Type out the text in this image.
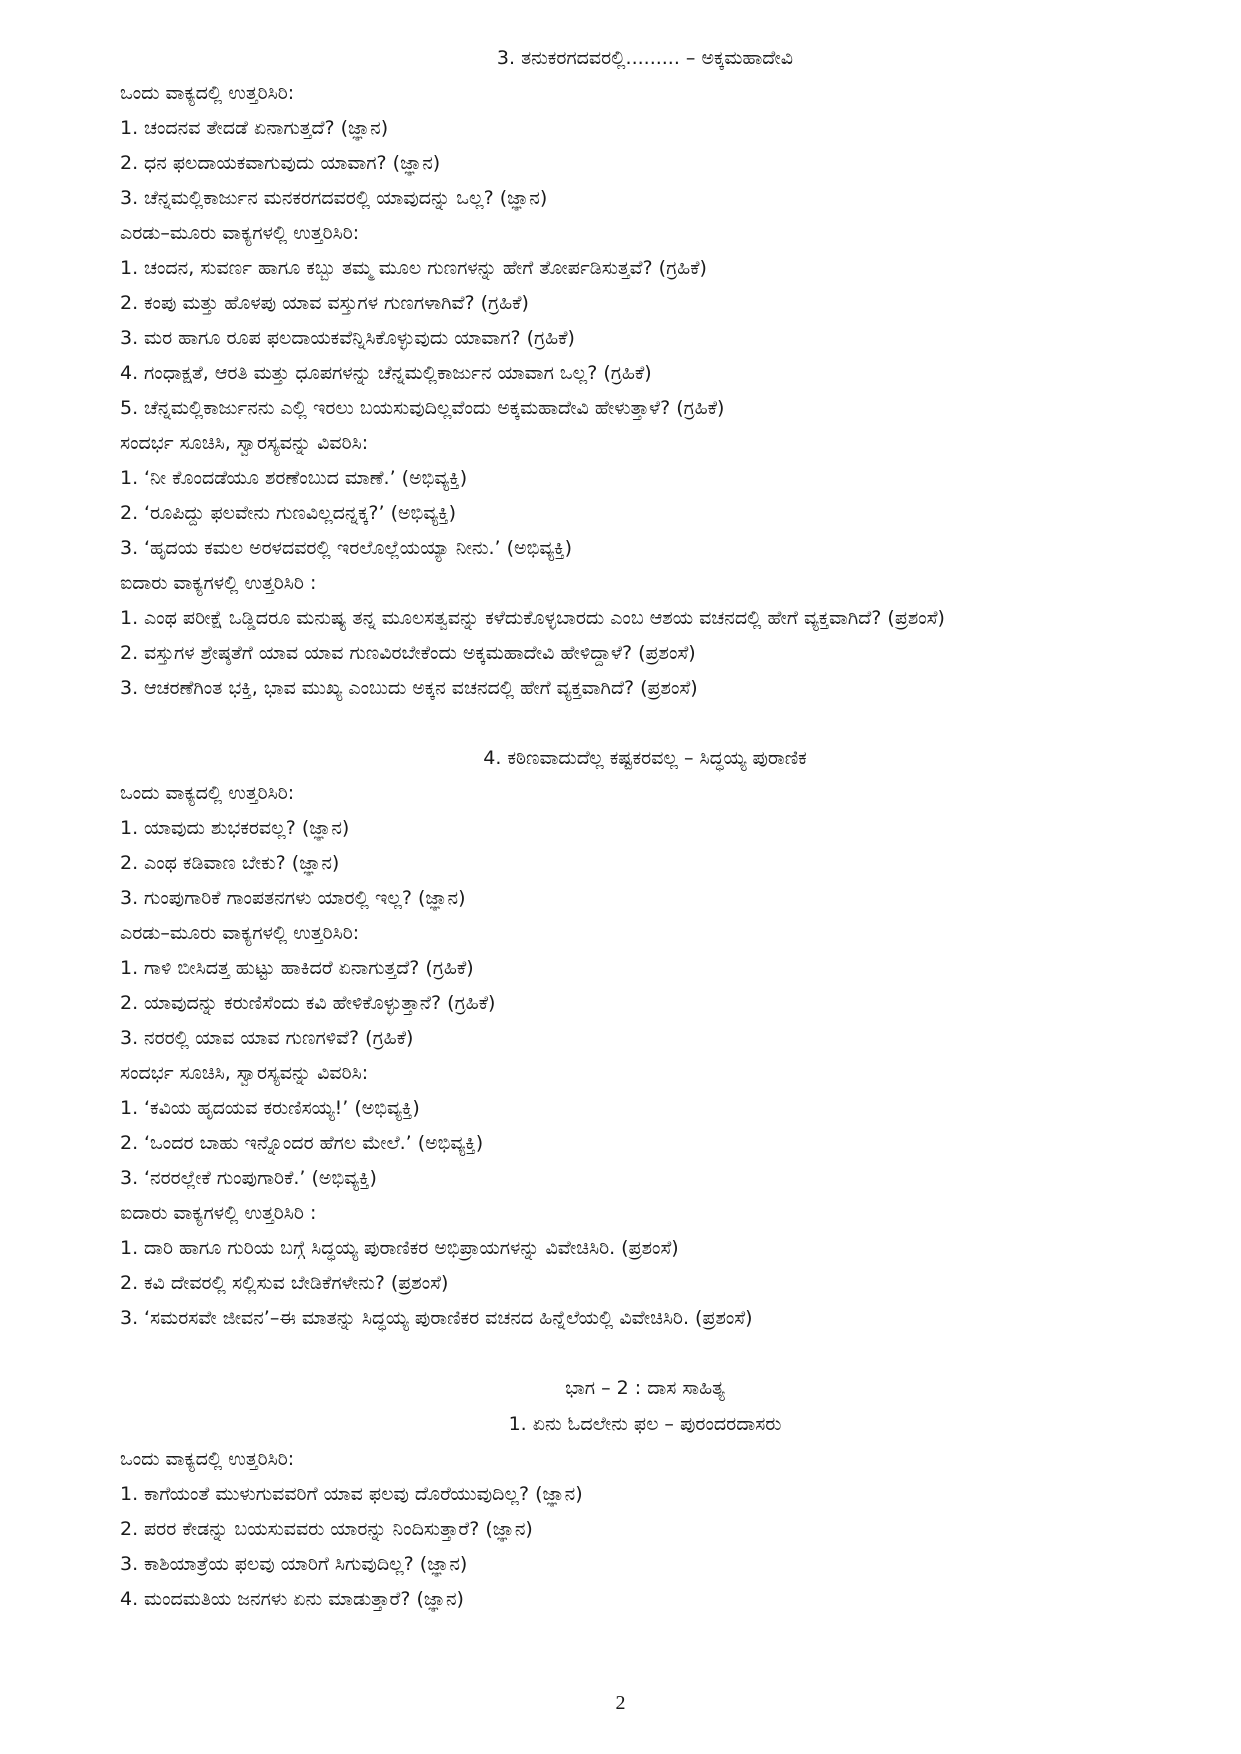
3. ತನುಕರಗದವರಲ್ಲಿ......... – ಅಕ್ಕಮಹಾದೇವಿ
ಒಂದು ವಾಕ್ಯದಲ್ಲಿ ಉತ್ತರಿಸಿರಿ:
1. ಚಂದನವ ತೇದಡೆ ಏನಾಗುತ್ತದೆ? (ಜ್ಞಾನ)
2. ಧನ ಫಲದಾಯಕವಾಗುವುದು ಯಾವಾಗ? (ಜ್ಞಾನ)
3. ಚೆನ್ನಮಲ್ಲಿಕಾರ್ಜುನ ಮನಕರಗದವರಲ್ಲಿ ಯಾವುದನ್ನು ಒಲ್ಲ? (ಜ್ಞಾನ)
ಎರಡು–ಮೂರು ವಾಕ್ಯಗಳಲ್ಲಿ ಉತ್ತರಿಸಿರಿ:
1. ಚಂದನ, ಸುವರ್ಣ ಹಾಗೂ ಕಬ್ಬು ತಮ್ಮ ಮೂಲ ಗುಣಗಳನ್ನು ಹೇಗೆ ತೋರ್ಪಡಿಸುತ್ತವೆ? (ಗ್ರಹಿಕೆ)
2. ಕಂಪು ಮತ್ತು ಹೊಳಪು ಯಾವ ವಸ್ತುಗಳ ಗುಣಗಳಾಗಿವೆ? (ಗ್ರಹಿಕೆ)
3. ಮರ ಹಾಗೂ ರೂಪ ಫಲದಾಯಕವೆನ್ನಿಸಿಕೊಳ್ಳುವುದು ಯಾವಾಗ? (ಗ್ರಹಿಕೆ)
4. ಗಂಧಾಕ್ಷತೆ, ಆರತಿ ಮತ್ತು ಧೂಪಗಳನ್ನು ಚೆನ್ನಮಲ್ಲಿಕಾರ್ಜುನ ಯಾವಾಗ ಒಲ್ಲ? (ಗ್ರಹಿಕೆ)
5. ಚೆನ್ನಮಲ್ಲಿಕಾರ್ಜುನನು ಎಲ್ಲಿ ಇರಲು ಬಯಸುವುದಿಲ್ಲವೆಂದು ಅಕ್ಕಮಹಾದೇವಿ ಹೇಳುತ್ತಾಳೆ? (ಗ್ರಹಿಕೆ)
ಸಂದರ್ಭ ಸೂಚಿಸಿ, ಸ್ವಾರಸ್ಯವನ್ನು ವಿವರಿಸಿ:
1. ‘ನೀ ಕೊಂದಡೆಯೂ ಶರಣೆಂಬುದ ಮಾಣೆ.’ (ಅಭಿವ್ಯಕ್ತಿ)
2. ‘ರೂಪಿದ್ದು ಫಲವೇನು ಗುಣವಿಲ್ಲದನ್ನಕ್ಕ?’ (ಅಭಿವ್ಯಕ್ತಿ)
3. ‘ಹೃದಯ ಕಮಲ ಅರಳದವರಲ್ಲಿ ಇರಲೊಲ್ಲೆಯಯ್ಯಾ ನೀನು.’ (ಅಭಿವ್ಯಕ್ತಿ)
ಐದಾರು ವಾಕ್ಯಗಳಲ್ಲಿ ಉತ್ತರಿಸಿರಿ :
1. ಎಂಥ ಪರೀಕ್ಷೆ ಒಡ್ಡಿದರೂ ಮನುಷ್ಯ ತನ್ನ ಮೂಲಸತ್ವವನ್ನು ಕಳೆದುಕೊಳ್ಳಬಾರದು ಎಂಬ ಆಶಯ ವಚನದಲ್ಲಿ ಹೇಗೆ ವ್ಯಕ್ತವಾಗಿದೆ? (ಪ್ರಶಂಸೆ)
2. ವಸ್ತುಗಳ ಶ್ರೇಷ್ಠತೆಗೆ ಯಾವ ಯಾವ ಗುಣವಿರಬೇಕೆಂದು ಅಕ್ಕಮಹಾದೇವಿ ಹೇಳಿದ್ದಾಳೆ? (ಪ್ರಶಂಸೆ)
3. ಆಚರಣೆಗಿಂತ ಭಕ್ತಿ, ಭಾವ ಮುಖ್ಯ ಎಂಬುದು ಅಕ್ಕನ ವಚನದಲ್ಲಿ ಹೇಗೆ ವ್ಯಕ್ತವಾಗಿದೆ? (ಪ್ರಶಂಸೆ)
4. ಕಠಿಣವಾದುದೆಲ್ಲ ಕಷ್ಟಕರವಲ್ಲ – ಸಿದ್ಧಯ್ಯ ಪುರಾಣಿಕ
ಒಂದು ವಾಕ್ಯದಲ್ಲಿ ಉತ್ತರಿಸಿರಿ:
1. ಯಾವುದು ಶುಭಕರವಲ್ಲ? (ಜ್ಞಾನ)
2. ಎಂಥ ಕಡಿವಾಣ ಬೇಕು? (ಜ್ಞಾನ)
3. ಗುಂಪುಗಾರಿಕೆ ಗಾಂಪತನಗಳು ಯಾರಲ್ಲಿ ಇಲ್ಲ? (ಜ್ಞಾನ)
ಎರಡು–ಮೂರು ವಾಕ್ಯಗಳಲ್ಲಿ ಉತ್ತರಿಸಿರಿ:
1. ಗಾಳಿ ಬೀಸಿದತ್ತ ಹುಟ್ಟು ಹಾಕಿದರೆ ಏನಾಗುತ್ತದೆ? (ಗ್ರಹಿಕೆ)
2. ಯಾವುದನ್ನು ಕರುಣಿಸೆಂದು ಕವಿ ಹೇಳಿಕೊಳ್ಳುತ್ತಾನೆ? (ಗ್ರಹಿಕೆ)
3. ನರರಲ್ಲಿ ಯಾವ ಯಾವ ಗುಣಗಳಿವೆ? (ಗ್ರಹಿಕೆ)
ಸಂದರ್ಭ ಸೂಚಿಸಿ, ಸ್ವಾರಸ್ಯವನ್ನು ವಿವರಿಸಿ:
1. ‘ಕವಿಯ ಹೃದಯವ ಕರುಣಿಸಯ್ಯ!’ (ಅಭಿವ್ಯಕ್ತಿ)
2. ‘ಒಂದರ ಬಾಹು ಇನ್ನೊಂದರ ಹೆಗಲ ಮೇಲೆ.’ (ಅಭಿವ್ಯಕ್ತಿ)
3. ‘ನರರಲ್ಲೇಕೆ ಗುಂಪುಗಾರಿಕೆ.’ (ಅಭಿವ್ಯಕ್ತಿ)
ಐದಾರು ವಾಕ್ಯಗಳಲ್ಲಿ ಉತ್ತರಿಸಿರಿ :
1. ದಾರಿ ಹಾಗೂ ಗುರಿಯ ಬಗ್ಗೆ ಸಿದ್ಧಯ್ಯ ಪುರಾಣಿಕರ ಅಭಿಪ್ರಾಯಗಳನ್ನು ವಿವೇಚಿಸಿರಿ. (ಪ್ರಶಂಸೆ)
2. ಕವಿ ದೇವರಲ್ಲಿ ಸಲ್ಲಿಸುವ ಬೇಡಿಕೆಗಳೇನು? (ಪ್ರಶಂಸೆ)
3. ‘ಸಮರಸವೇ ಜೀವನ’–ಈ ಮಾತನ್ನು ಸಿದ್ಧಯ್ಯ ಪುರಾಣಿಕರ ವಚನದ ಹಿನ್ನೆಲೆಯಲ್ಲಿ ವಿವೇಚಿಸಿರಿ. (ಪ್ರಶಂಸೆ)
ಭಾಗ – 2 : ದಾಸ ಸಾಹಿತ್ಯ
1. ಏನು ಓದಲೇನು ಫಲ – ಪುರಂದರದಾಸರು
ಒಂದು ವಾಕ್ಯದಲ್ಲಿ ಉತ್ತರಿಸಿರಿ:
1. ಕಾಗೆಯಂತೆ ಮುಳುಗುವವರಿಗೆ ಯಾವ ಫಲವು ದೊರೆಯುವುದಿಲ್ಲ? (ಜ್ಞಾನ)
2. ಪರರ ಕೇಡನ್ನು ಬಯಸುವವರು ಯಾರನ್ನು ನಿಂದಿಸುತ್ತಾರೆ? (ಜ್ಞಾನ)
3. ಕಾಶಿಯಾತ್ರೆಯ ಫಲವು ಯಾರಿಗೆ ಸಿಗುವುದಿಲ್ಲ? (ಜ್ಞಾನ)
4. ಮಂದಮತಿಯ ಜನಗಳು ಏನು ಮಾಡುತ್ತಾರೆ? (ಜ್ಞಾನ)
2
